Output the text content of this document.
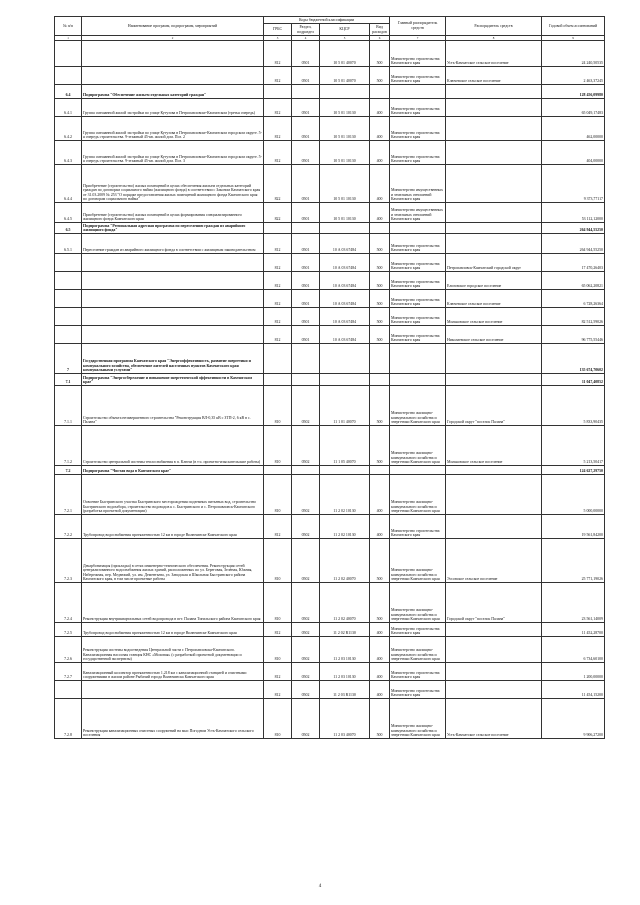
№ п/п	Наименование программ, подпрограмм, мероприятий	Коды бюджетной классификации				Главный распорядитель средств	Распорядитель средств	Годовой объем ассигнований
		ГРБС	Раздел, подраздел	КЦСР	Вид расходов			
1	2	3	4	5	6	7	8	9
		812	0501	10 5 01 40070	500	Министерство строительства Камчатского края	Усть-Камчатское сельское поселение	24 240,50535
		812	0501	10 5 01 40070	500	Министерство строительства Камчатского края	Ключевское сельское поселение	2 463,37245
6.4	Подпрограмма "Обеспечение жильем отдельных категорий граждан"							128 456,09980
6.4.1	Группа смешанной жилой застройки по улице Кутузова в Петропавловске-Камчатском (третья очередь)	812	0501	10 5 01 10130	400	Министерство строительства Камчатского края		65 049,17483
6.4.2	Группа смешанной жилой застройки по улице Кутузова в Петропавловске-Камчатском городском округе. 5-я очередь строительства. 9-этажный 45-кв. жилой дом. Поз. 2	812	0501	10 5 01 10130	400	Министерство строительства Камчатского края		462,00000
6.4.3	Группа смешанной жилой застройки по улице Кутузова в Петропавловске-Камчатском городском округе. 5-я очередь строительства. 9-этажный 45-кв. жилой дом. Поз. 3	812	0501	10 5 01 10130	400	Министерство строительства Камчатского края		404,00000
6.4.4	Приобретение (строительство) жилых помещений в целях обеспечения жильем отдельных категорий граждан по договорам социального найма (жилищного фонда) в соответствии с Законом Камчатского края от 31.03.2009 № 253 "О порядке предоставления жилых помещений жилищного фонда Камчатского края по договорам социального найма"	822	0501	10 5 01 10130	400	Министерство имущественных и земельных отношений Камчатского края		9 373,77117
6.4.5	Приобретение (строительство) жилых помещений в целях формирования специализированного жилищного фонда Камчатского края	822	0501	10 5 01 10130	400	Министерство имущественных и земельных отношений Камчатского края		53 112,12000
6.5	Подпрограмма "Региональная адресная программа по переселению граждан из аварийного жилищного фонда"							264 944,55250
6.5.1	Переселение граждан из аварийного жилищного фонда в соответствии с жилищным законодательством	812	0501	10 А 03 67484	500	Министерство строительства Камчатского края		264 944,55250
		812	0501	10 А 03 67484	500	Министерство строительства Камчатского края	Петропавловск-Камчатский городской округ	17 470,26403
		812	0501	10 А 03 67484	500	Министерство строительства Камчатского края	Елизовское городское поселение	65 062,20821
		812	0501	10 А 03 67484	500	Министерство строительства Камчатского края	Ключевское сельское поселение	6 728,26364
		812	0501	10 А 03 67484	500	Министерство строительства Камчатского края	Мильковское сельское поселение	82 512,59026
		812	0501	10 А 03 67484	500	Министерство строительства Камчатского края	Николаевское сельское поселение	96 775,55446
7	Государственная программа Камчатского края "Энергоэффективность, развитие энергетики и коммунального хозяйства, обеспечение жителей населенных пунктов Камчатского края коммунальными услугами"							135 674,70602
7.1	Подпрограмма "Энергосбережение и повышение энергетической эффективности в Камчатском крае"							11 047,40852
7.1.1	Строительство объекта незавершенного строительства "Реконструкция ВЛ-0,35 кВ с ЗТП-2, 6 кВ в с. Палана"	810	0502	11 1 01 40070	500	Министерство жилищно-коммунального хозяйства и энергетики Камчатского края	Городской округ "поселок Палана"	5 833,90435
7.1.2	Строительство центральной системы теплоснабжения в п. Ключи (в т.ч. проектно-изыскательские работы)	810	0502	11 1 05 40070	500	Министерство жилищно-коммунального хозяйства и энергетики Камчатского края	Мильковское сельское поселение	5 213,50417
7.2	Подпрограмма "Чистая вода в Камчатском крае"							124 627,29750
7.2.1	Освоение Быстринского участка Быстринского месторождения подземных питьевых вод, строительство Быстринского водозабора, строительство водоводов к с. Быстринского и с. Петропавловск-Камчатского (разработка проектной документации)	810	0502	11 2 02 10130	400	Министерство жилищно-коммунального хозяйства и энергетики Камчатского края		5 000,00000
7.2.2	Трубопровод водоснабжения протяженностью 12 км в городе Вилючинске Камчатского края	812	0502	11 2 02 10130	400	Министерство строительства Камчатского края		19 561,84200
7.2.3	Декарбонизация (прокладка) в сетях инженерно-технического обеспечения. Реконструкция сетей централизованного водоснабжения жилых зданий, расположенных по ул. Береговая, Зелёная, Южная, Набережная, пер. Медвежий, ул. им. Дементьева, ул. Заводская и Школьная Быстринского района Камчатского края, в том числе проектные работы	810	0502	11 2 02 40070	500	Министерство жилищно-коммунального хозяйства и энергетики Камчатского края	Эссовское сельское поселение	25 771,19026
7.2.4	Реконструкция внутриквартальных сетей водопровода в пгт. Палана Тигильского района Камчатского края	810	0502	11 2 02 40070	500	Министерство жилищно-коммунального хозяйства и энергетики Камчатского края	Городской округ "поселок Палана"	23 561,14009
7.2.5	Трубопровод водоснабжения протяженностью 12 км в городе Вилючинске Камчатского края	812	0502	11 2 02 R1130	400	Министерство строительства Камчатского края		11 452,28700
7.2.6	Реконструкция системы водоотведения Центральной части г. Петропавловска-Камчатского. Канализационная насосная станция КНС «Моховая» (с разработкой проектной документации и государственной экспертизы)	810	0502	11 2 03 10130	400	Министерство жилищно-коммунального хозяйства и энергетики Камчатского края		6 734,60100
7.2.7	Канализационный коллектор протяженностью 1,218 км с канализационной станцией и очистными сооружениями в жилом районе Рыбачий города Вилючинска Камчатского края	812	0502	11 2 03 10130	400	Министерство строительства Камчатского края		1 200,00000
		812	0502	11 2 03 R1130	400	Министерство строительства Камчатского края		11 454,15200
7.2.8	Реконструкция канализационных очистных сооружений на мыс Погодном Усть-Камчатского сельского поселения	810	0502	11 2 03 40070	500	Министерство жилищно-коммунального хозяйства и энергетики Камчатского края	Усть-Камчатское сельское поселение	9 906,27200
4
